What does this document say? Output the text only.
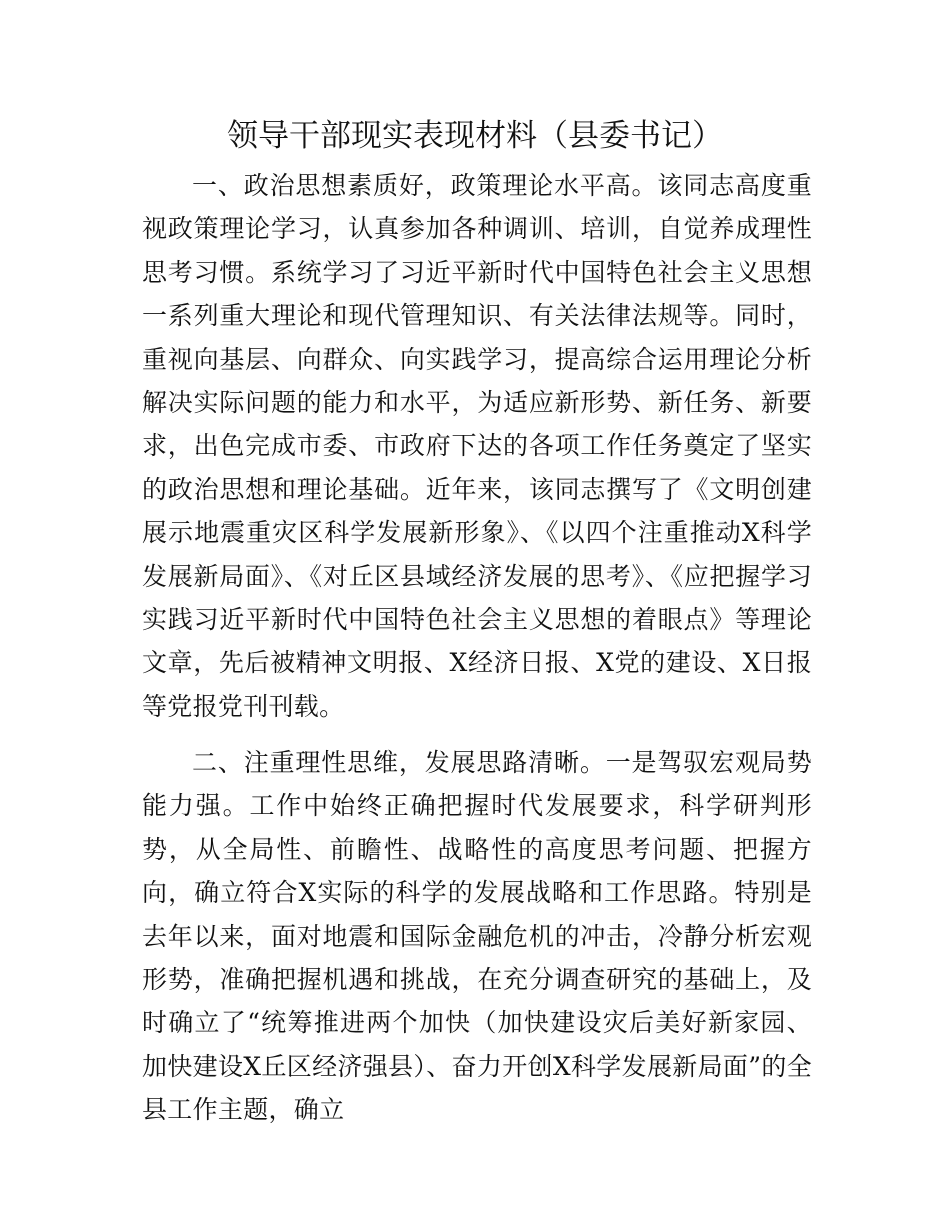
领导干部现实表现材料（县委书记）

一、政治思想素质好，政策理论水平高。该同志高度重视政策理论学习，认真参加各种调训、培训，自觉养成理性思考习惯。系统学习了习近平新时代中国特色社会主义思想一系列重大理论和现代管理知识、有关法律法规等。同时，重视向基层、向群众、向实践学习，提高综合运用理论分析解决实际问题的能力和水平，为适应新形势、新任务、新要求，出色完成市委、市政府下达的各项工作任务奠定了坚实的政治思想和理论基础。近年来，该同志撰写了《文明创建展示地震重灾区科学发展新形象》、《以四个注重推动X科学发展新局面》、《对丘区县域经济发展的思考》、《应把握学习实践习近平新时代中国特色社会主义思想的着眼点》等理论文章，先后被精神文明报、X经济日报、X党的建设、X日报等党报党刊刊载。

二、注重理性思维，发展思路清晰。一是驾驭宏观局势能力强。工作中始终正确把握时代发展要求，科学研判形势，从全局性、前瞻性、战略性的高度思考问题、把握方向，确立符合X实际的科学的发展战略和工作思路。特别是去年以来，面对地震和国际金融危机的冲击，冷静分析宏观形势，准确把握机遇和挑战，在充分调查研究的基础上，及时确立了“统筹推进两个加快（加快建设灾后美好新家园、加快建设X丘区经济强县）、奋力开创X科学发展新局面”的全县工作主题，确立
